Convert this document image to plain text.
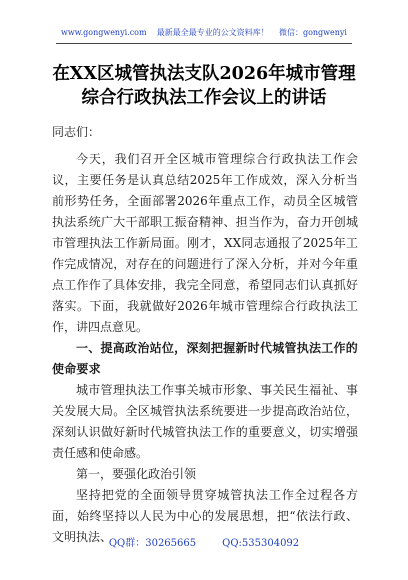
www.gongwenyi.com 最新最全最专业的公文资料库！ 微信：gongwenyi
在XX区城管执法支队2026年城市管理
综合行政执法工作会议上的讲话

同志们：

今天，我们召开全区城市管理综合行政执法工作会议，主要任务是认真总结2025年工作成效，深入分析当前形势任务，全面部署2026年重点工作，动员全区城管执法系统广大干部职工振奋精神、担当作为，奋力开创城市管理执法工作新局面。刚才，XX同志通报了2025年工作完成情况，对存在的问题进行了深入分析，并对今年重点工作作了具体安排，我完全同意，希望同志们认真抓好落实。下面，我就做好2026年城市管理综合行政执法工作，讲四点意见。

一、提高政治站位，深刻把握新时代城管执法工作的使命要求

城市管理执法工作事关城市形象、事关民生福祉、事关发展大局。全区城管执法系统要进一步提高政治站位，深刻认识做好新时代城管执法工作的重要意义，切实增强责任感和使命感。

第一，要强化政治引领

坚持把党的全面领导贯穿城管执法工作全过程各方面，始终坚持以人民为中心的发展思想，把“依法行政、文明执法、

QQ群：30265665	QQ:535304092
